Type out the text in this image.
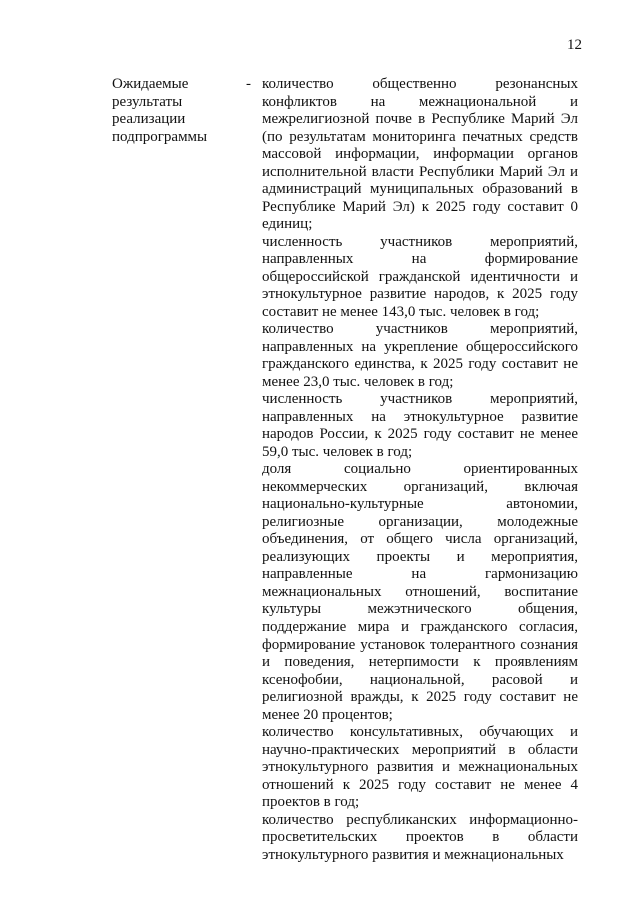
12
Ожидаемые
результаты
реализации
подпрограммы
- количество общественно резонансных конфликтов на межнациональной и межрелигиозной почве в Республике Марий Эл (по результатам мониторинга печатных средств массовой информации, информации органов исполнительной власти Республики Марий Эл и администраций муниципальных образований в Республике Марий Эл) к 2025 году составит 0 единиц;

численность участников мероприятий, направленных на формирование общероссийской гражданской идентичности и этнокультурное развитие народов, к 2025 году составит не менее 143,0 тыс. человек в год;

количество участников мероприятий, направленных на укрепление общероссийского гражданского единства, к 2025 году составит не менее 23,0 тыс. человек в год;

численность участников мероприятий, направленных на этнокультурное развитие народов России, к 2025 году составит не менее 59,0 тыс. человек в год;

доля социально ориентированных некоммерческих организаций, включая национально-культурные автономии, религиозные организации, молодежные объединения, от общего числа организаций, реализующих проекты и мероприятия, направленные на гармонизацию межнациональных отношений, воспитание культуры межэтнического общения, поддержание мира и гражданского согласия, формирование установок толерантного сознания и поведения, нетерпимости к проявлениям ксенофобии, национальной, расовой и религиозной вражды, к 2025 году составит не менее 20 процентов;

количество консультативных, обучающих и научно-практических мероприятий в области этнокультурного развития и межнациональных отношений к 2025 году составит не менее 4 проектов в год;

количество республиканских информационно-просветительских проектов в области этнокультурного развития и межнациональных
